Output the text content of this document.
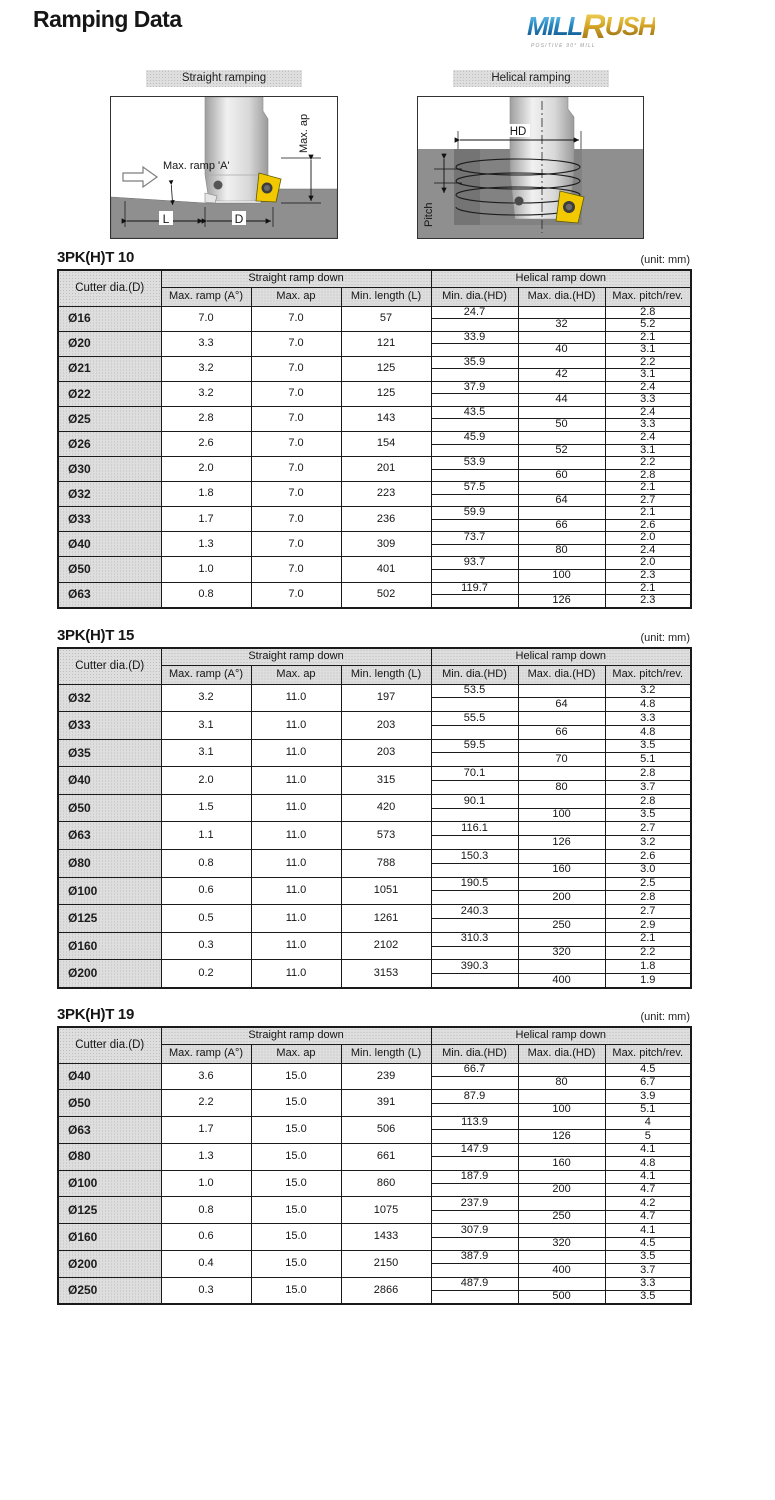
Ramping Data	MILLRUSH
POSITIVE 90° MILL
Straight ramping	Helical ramping
Max. ramp 'A'
Max. ap
L	D
HD
Pitch
3PK(H)T 10	(unit: mm)
Cutter dia.(D)	Straight ramp down			Helical ramp down		
	Max. ramp (A°)	Max. ap	Min. length (L)	Min. dia.(HD)	Max. dia.(HD)	Max. pitch/rev.
Ø16	7.0	7.0	57	24.7		2.8
					32	5.2
Ø20	3.3	7.0	121	33.9		2.1
					40	3.1
Ø21	3.2	7.0	125	35.9		2.2
					42	3.1
Ø22	3.2	7.0	125	37.9		2.4
					44	3.3
Ø25	2.8	7.0	143	43.5		2.4
					50	3.3
Ø26	2.6	7.0	154	45.9		2.4
					52	3.1
Ø30	2.0	7.0	201	53.9		2.2
					60	2.8
Ø32	1.8	7.0	223	57.5		2.1
					64	2.7
Ø33	1.7	7.0	236	59.9		2.1
					66	2.6
Ø40	1.3	7.0	309	73.7		2.0
					80	2.4
Ø50	1.0	7.0	401	93.7		2.0
					100	2.3
Ø63	0.8	7.0	502	119.7		2.1
					126	2.3
3PK(H)T 15	(unit: mm)
Cutter dia.(D)	Straight ramp down			Helical ramp down		
	Max. ramp (A°)	Max. ap	Min. length (L)	Min. dia.(HD)	Max. dia.(HD)	Max. pitch/rev.
Ø32	3.2	11.0	197	53.5		3.2
					64	4.8
Ø33	3.1	11.0	203	55.5		3.3
					66	4.8
Ø35	3.1	11.0	203	59.5		3.5
					70	5.1
Ø40	2.0	11.0	315	70.1		2.8
					80	3.7
Ø50	1.5	11.0	420	90.1		2.8
					100	3.5
Ø63	1.1	11.0	573	116.1		2.7
					126	3.2
Ø80	0.8	11.0	788	150.3		2.6
					160	3.0
Ø100	0.6	11.0	1051	190.5		2.5
					200	2.8
Ø125	0.5	11.0	1261	240.3		2.7
					250	2.9
Ø160	0.3	11.0	2102	310.3		2.1
					320	2.2
Ø200	0.2	11.0	3153	390.3		1.8
					400	1.9
3PK(H)T 19	(unit: mm)
Cutter dia.(D)	Straight ramp down			Helical ramp down		
	Max. ramp (A°)	Max. ap	Min. length (L)	Min. dia.(HD)	Max. dia.(HD)	Max. pitch/rev.
Ø40	3.6	15.0	239	66.7		4.5
					80	6.7
Ø50	2.2	15.0	391	87.9		3.9
					100	5.1
Ø63	1.7	15.0	506	113.9		4
					126	5
Ø80	1.3	15.0	661	147.9		4.1
					160	4.8
Ø100	1.0	15.0	860	187.9		4.1
					200	4.7
Ø125	0.8	15.0	1075	237.9		4.2
					250	4.7
Ø160	0.6	15.0	1433	307.9		4.1
					320	4.5
Ø200	0.4	15.0	2150	387.9		3.5
					400	3.7
Ø250	0.3	15.0	2866	487.9		3.3
					500	3.5
